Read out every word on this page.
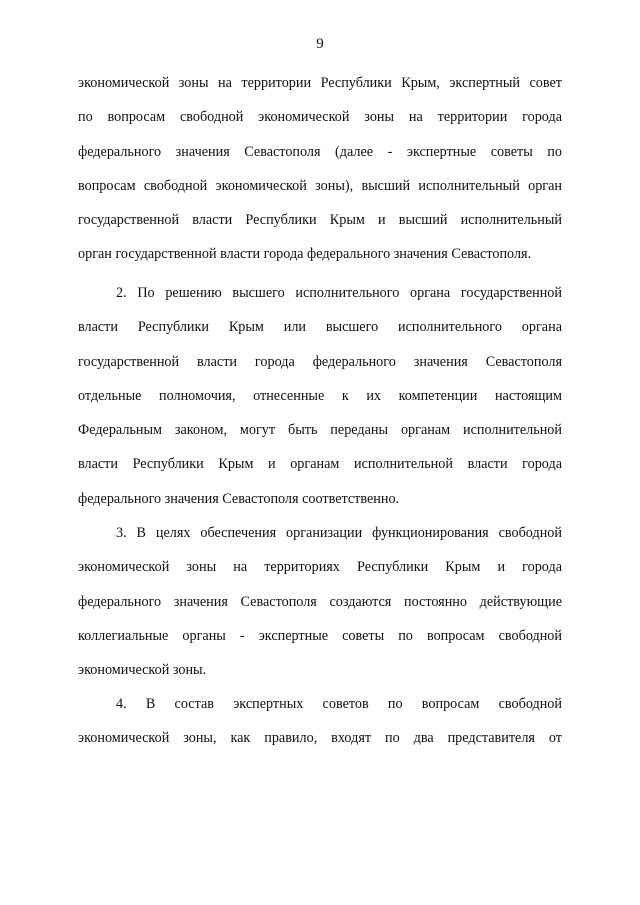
9
экономической зоны на территории Республики Крым, экспертный совет
по вопросам свободной экономической зоны на территории города
федерального значения Севастополя (далее - экспертные советы по
вопросам свободной экономической зоны), высший исполнительный орган
государственной власти Республики Крым и высший исполнительный
орган государственной власти города федерального значения Севастополя.
2. По решению высшего исполнительного органа государственной
власти Республики Крым или высшего исполнительного органа
государственной власти города федерального значения Севастополя
отдельные полномочия, отнесенные к их компетенции настоящим
Федеральным законом, могут быть переданы органам исполнительной
власти Республики Крым и органам исполнительной власти города
федерального значения Севастополя соответственно.
3. В целях обеспечения организации функционирования свободной
экономической зоны на территориях Республики Крым и города
федерального значения Севастополя создаются постоянно действующие
коллегиальные органы - экспертные советы по вопросам свободной
экономической зоны.
4. В состав экспертных советов по вопросам свободной
экономической зоны, как правило, входят по два представителя от
